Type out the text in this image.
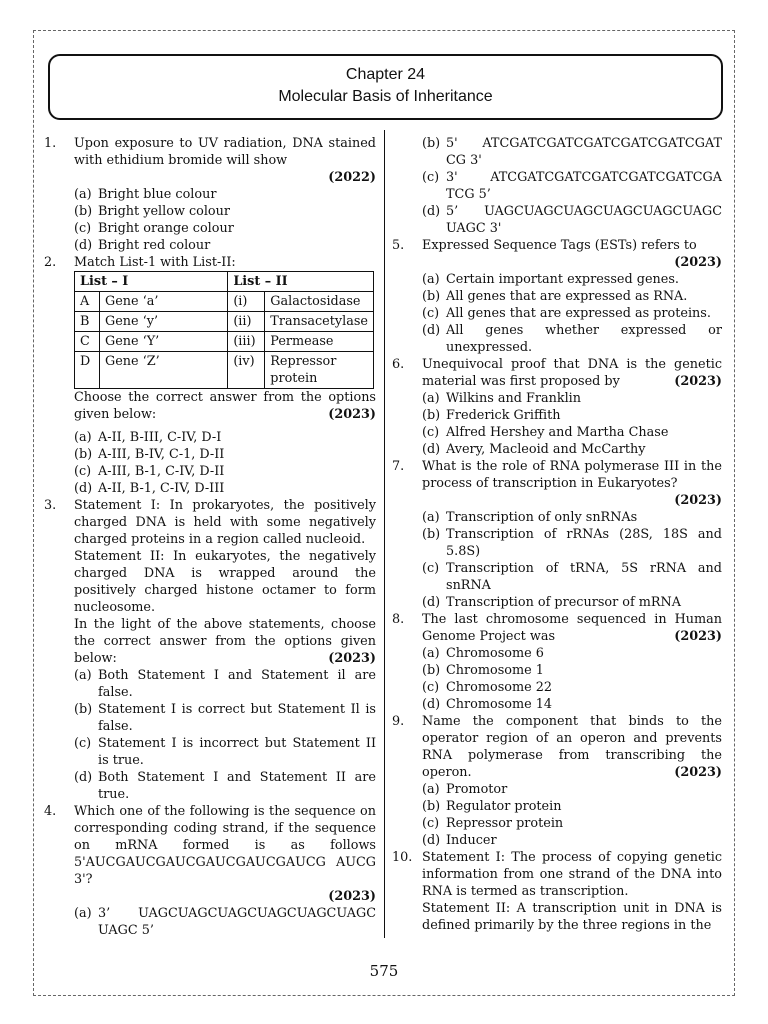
Chapter 24
Molecular Basis of Inheritance
1. Upon exposure to UV radiation, DNA stained with ethidium bromide will show
(2022)
(a) Bright blue colour
(b) Bright yellow colour
(c) Bright orange colour
(d) Bright red colour
2. Match List-1 with List-II:
List – I		List – II	
A	Gene ‘a’	(i)	Galactosidase
B	Gene ‘y’	(ii)	Transacetylase
C	Gene ‘Y’	(iii)	Permease
D	Gene ‘Z’	(iv)	Repressor protein
Choose the correct answer from the options given below:	(2023)
(a) A-II, B-III, C-IV, D-I
(b) A-III, B-IV, C-1, D-II
(c) A-III, B-1, C-IV, D-II
(d) A-II, B-1, C-IV, D-III
3. Statement I: In prokaryotes, the positively charged DNA is held with some negatively charged proteins in a region called nucleoid.
Statement II: In eukaryotes, the negatively charged DNA is wrapped around the positively charged histone octamer to form nucleosome.
In the light of the above statements, choose the correct answer from the options given below:	(2023)
(a) Both Statement I and Statement il are false.
(b) Statement I is correct but Statement Il is false.
(c) Statement I is incorrect but Statement II is true.
(d) Both Statement I and Statement II are true.
4. Which one of the following is the sequence on corresponding coding strand, if the sequence on mRNA formed is as follows 5'AUCGAUCGAUCGAUCGAUCGAUCG AUCG 3'?
(2023)
(a) 3’ UAGCUAGCUAGCUAGCUAGCUAGC UAGC 5’
(b) 5' ATCGATCGATCGATCGATCGATCGAT CG 3'
(c) 3' ATCGATCGATCGATCGATCGATCGA TCG 5’
(d) 5’ UAGCUAGCUAGCUAGCUAGCUAGC UAGC 3'
5. Expressed Sequence Tags (ESTs) refers to
(2023)
(a) Certain important expressed genes.
(b) All genes that are expressed as RNA.
(c) All genes that are expressed as proteins.
(d) All genes whether expressed or unexpressed.
6. Unequivocal proof that DNA is the genetic material was first proposed by	(2023)
(a) Wilkins and Franklin
(b) Frederick Griffith
(c) Alfred Hershey and Martha Chase
(d) Avery, Macleoid and McCarthy
7. What is the role of RNA polymerase III in the process of transcription in Eukaryotes?
(2023)
(a) Transcription of only snRNAs
(b) Transcription of rRNAs (28S, 18S and 5.8S)
(c) Transcription of tRNA, 5S rRNA and snRNA
(d) Transcription of precursor of mRNA
8. The last chromosome sequenced in Human Genome Project was	(2023)
(a) Chromosome 6
(b) Chromosome 1
(c) Chromosome 22
(d) Chromosome 14
9. Name the component that binds to the operator region of an operon and prevents RNA polymerase from transcribing the operon.	(2023)
(a) Promotor
(b) Regulator protein
(c) Repressor protein
(d) Inducer
10. Statement I: The process of copying genetic information from one strand of the DNA into RNA is termed as transcription.
Statement II: A transcription unit in DNA is defined primarily by the three regions in the
575
